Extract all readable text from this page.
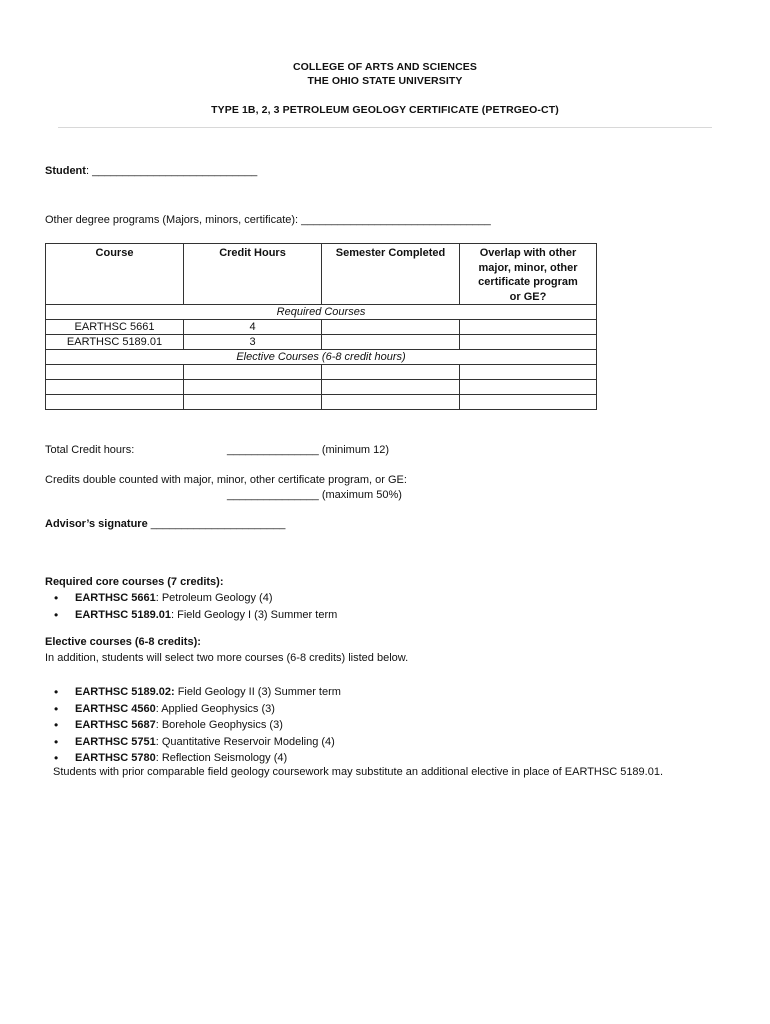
COLLEGE OF ARTS AND SCIENCES
THE OHIO STATE UNIVERSITY
TYPE 1B, 2, 3 PETROLEUM GEOLOGY CERTIFICATE (PETRGEO-CT)
Student: ___________________________
Other degree programs (Majors, minors, certificate): _______________________________
Course	Credit Hours	Semester Completed	Overlap with other major, minor, other certificate program or GE?
Required Courses			
EARTHSC 5661	4		
EARTHSC 5189.01	3		
Elective Courses (6-8 credit hours)			

Total Credit hours:	_______________ (minimum 12)
Credits double counted with major, minor, other certificate program, or GE:
_______________ (maximum 50%)
Advisor’s signature ______________________
Required core courses (7 credits):
• EARTHSC 5661: Petroleum Geology (4)
• EARTHSC 5189.01: Field Geology I (3) Summer term
Elective courses (6-8 credits):
In addition, students will select two more courses (6-8 credits) listed below.
• EARTHSC 5189.02: Field Geology II (3) Summer term
• EARTHSC 4560: Applied Geophysics (3)
• EARTHSC 5687: Borehole Geophysics (3)
• EARTHSC 5751: Quantitative Reservoir Modeling (4)
• EARTHSC 5780: Reflection Seismology (4)
Students with prior comparable field geology coursework may substitute an additional elective in place of EARTHSC 5189.01.
